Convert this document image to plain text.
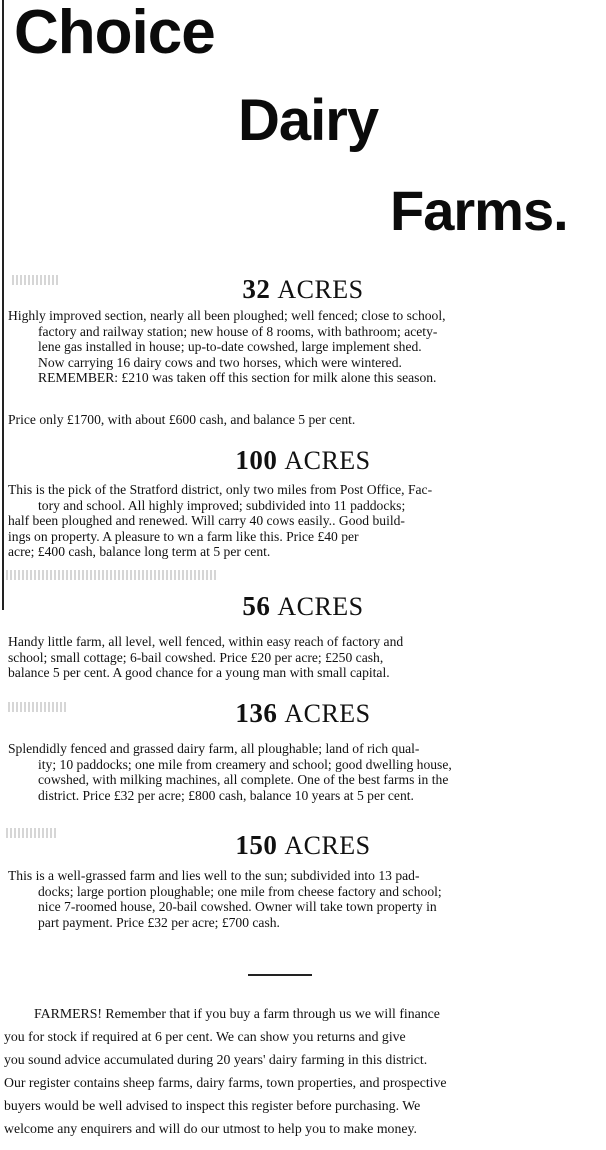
Choice
Dairy
Farms.
32 ACRES

Highly improved section, nearly all been ploughed; well fenced; close to school,
factory and railway station; new house of 8 rooms, with bathroom; acety-
lene gas installed in house; up-to-date cowshed, large implement shed.
Now carrying 16 dairy cows and two horses, which were wintered.
REMEMBER: £210 was taken off this section for milk alone this season.

Price only £1700, with about £600 cash, and balance 5 per cent.

100 ACRES

This is the pick of the Stratford district, only two miles from Post Office, Fac-
tory and school. All highly improved; subdivided into 11 paddocks;
half been ploughed and renewed. Will carry 40 cows easily.. Good build-
ings on property. A pleasure to wn a farm like this. Price £40 per
acre; £400 cash, balance long term at 5 per cent.

56 ACRES

Handy little farm, all level, well fenced, within easy reach of factory and
school; small cottage; 6-bail cowshed. Price £20 per acre; £250 cash,
balance 5 per cent. A good chance for a young man with small capital.

136 ACRES

Splendidly fenced and grassed dairy farm, all ploughable; land of rich qual-
ity; 10 paddocks; one mile from creamery and school; good dwelling house,
cowshed, with milking machines, all complete. One of the best farms in the
district. Price £32 per acre; £800 cash, balance 10 years at 5 per cent.

150 ACRES

This is a well-grassed farm and lies well to the sun; subdivided into 13 pad-
docks; large portion ploughable; one mile from cheese factory and school;
nice 7-roomed house, 20-bail cowshed. Owner will take town property in
part payment. Price £32 per acre; £700 cash.

FARMERS! Remember that if you buy a farm through us we will finance
you for stock if required at 6 per cent. We can show you returns and give
you sound advice accumulated during 20 years' dairy farming in this district.
Our register contains sheep farms, dairy farms, town properties, and prospective
buyers would be well advised to inspect this register before purchasing. We
welcome any enquirers and will do our utmost to help you to make money.
